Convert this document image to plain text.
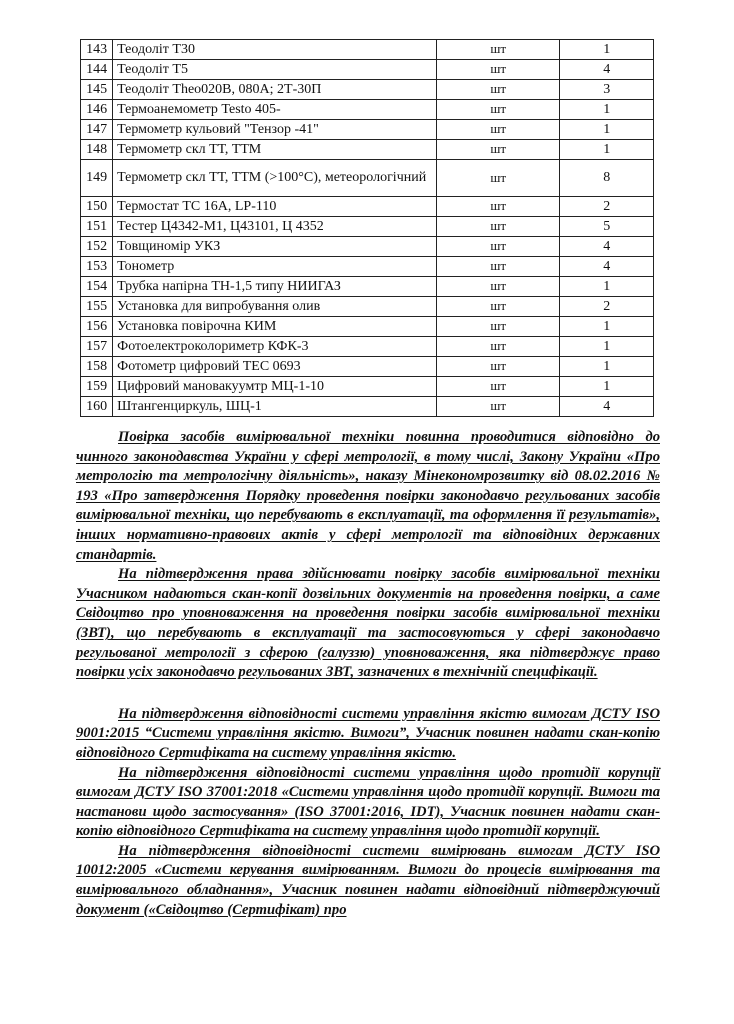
143	Теодоліт Т30	шт	1
144	Теодоліт Т5	шт	4
145	Теодоліт Theo020B, 080А; 2Т-30П	шт	3
146	Термоанемометр Testo 405-	шт	1
147	Термометр кульовий "Тензор -41"	шт	1
148	Термометр скл ТТ, ТТМ	шт	1
149	Термометр скл ТТ, ТТМ (>100°С), метеорологічний	шт	8
150	Термостат ТС 16А, LP-110	шт	2
151	Тестер Ц4342-М1, Ц43101, Ц 4352	шт	5
152	Товщиномір УКЗ	шт	4
153	Тонометр	шт	4
154	Трубка напірна ТН-1,5 типу НИИГАЗ	шт	1
155	Установка для випробування олив	шт	2
156	Установка повірочна КИМ	шт	1
157	Фотоелектроколориметр КФК-3	шт	1
158	Фотометр цифровий ТЕС 0693	шт	1
159	Цифровий мановакуумтр МЦ-1-10	шт	1
160	Штангенциркуль, ШЦ-1	шт	4

Повірка засобів вимірювальної техніки повинна проводитися відповідно до чинного законодавства України у сфері метрології, в тому числі, Закону України «Про метрологію та метрологічну діяльність», наказу Мінекономрозвитку від 08.02.2016 № 193 «Про затвердження Порядку проведення повірки законодавчо регульованих засобів вимірювальної техніки, що перебувають в експлуатації, та оформлення її результатів», інших нормативно-правових актів у сфері метрології та відповідних державних стандартів.

На підтвердження права здійснювати повірку засобів вимірювальної техніки Учасником надаються скан-копії дозвільних документів на проведення повірки, а саме Свідоцтво про уповноваження на проведення повірки засобів вимірювальної техніки (ЗВТ), що перебувають в експлуатації та застосовуються у сфері законодавчо регульованої метрології з сферою (галуззю) уповноваження, яка підтверджує право повірки усіх законодавчо регульованих ЗВТ, зазначених в технічній специфікації.

На підтвердження відповідності системи управління якістю вимогам ДСТУ ISO 9001:2015 “Системи управління якістю. Вимоги”, Учасник повинен надати скан-копію відповідного Сертифіката на систему управління якістю.

На підтвердження відповідності системи управління щодо протидії корупції вимогам ДСТУ ISO 37001:2018 «Системи управління щодо протидії корупції. Вимоги та настанови щодо застосування» (ISO 37001:2016, IDT), Учасник повинен надати скан-копію відповідного Сертифіката на систему управління щодо протидії корупції.

На підтвердження відповідності системи вимірювань вимогам ДСТУ ISO 10012:2005 «Системи керування вимірюванням. Вимоги до процесів вимірювання та вимірювального обладнання», Учасник повинен надати відповідний підтверджуючий документ («Свідоцтво (Сертифікат) про
